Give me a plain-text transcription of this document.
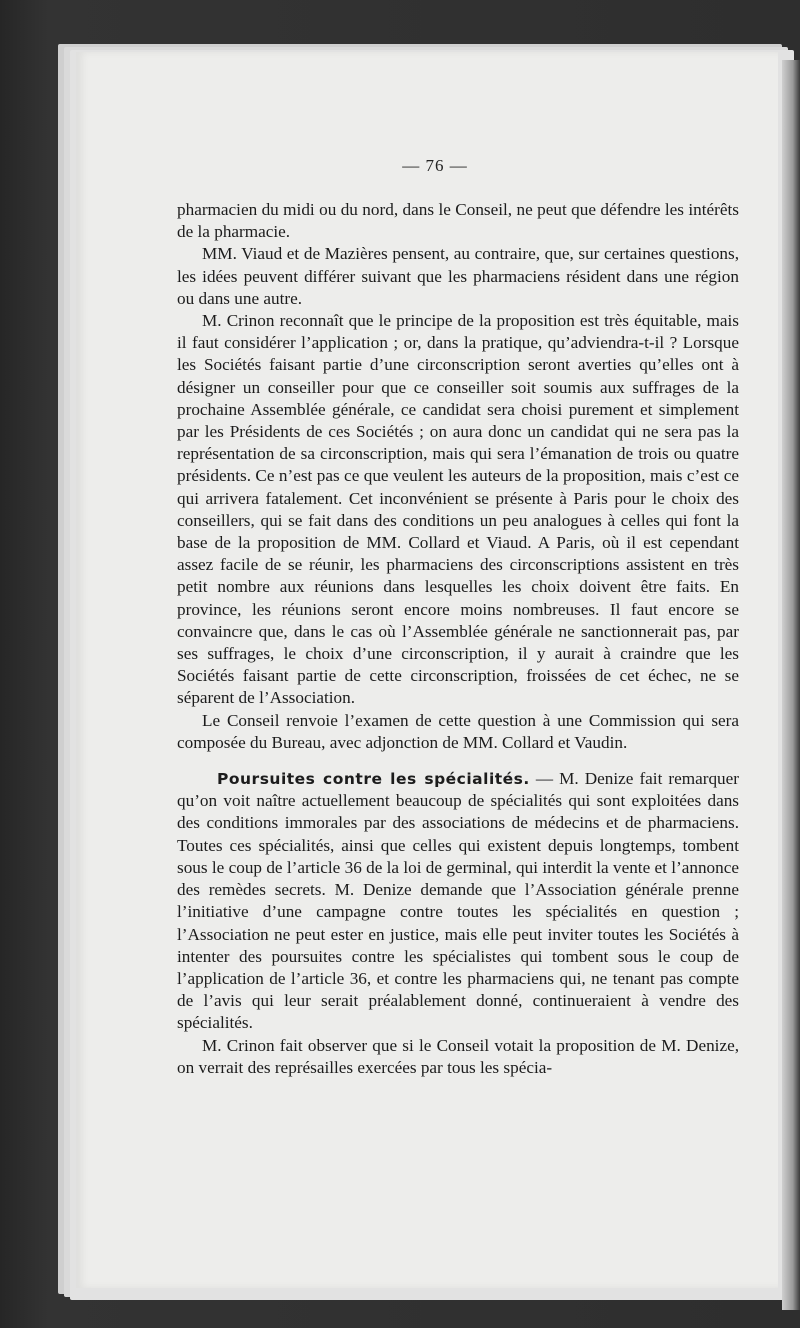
— 76 —

pharmacien du midi ou du nord, dans le Conseil, ne peut que défendre les intérêts de la pharmacie.

MM. Viaud et de Mazières pensent, au contraire, que, sur certaines questions, les idées peuvent différer suivant que les pharmaciens résident dans une région ou dans une autre.

M. Crinon reconnaît que le principe de la proposition est très équitable, mais il faut considérer l’application ; or, dans la pratique, qu’adviendra-t-il ? Lorsque les Sociétés faisant partie d’une circonscription seront averties qu’elles ont à désigner un conseiller pour que ce conseiller soit soumis aux suffrages de la prochaine Assemblée générale, ce candidat sera choisi purement et simplement par les Présidents de ces Sociétés ; on aura donc un candidat qui ne sera pas la représentation de sa circonscription, mais qui sera l’émanation de trois ou quatre présidents. Ce n’est pas ce que veulent les auteurs de la proposition, mais c’est ce qui arrivera fatalement. Cet inconvénient se présente à Paris pour le choix des conseillers, qui se fait dans des conditions un peu analogues à celles qui font la base de la proposition de MM. Collard et Viaud. A Paris, où il est cependant assez facile de se réunir, les pharmaciens des circonscriptions assistent en très petit nombre aux réunions dans lesquelles les choix doivent être faits. En province, les réunions seront encore moins nombreuses. Il faut encore se convaincre que, dans le cas où l’Assemblée générale ne sanctionnerait pas, par ses suffrages, le choix d’une circonscription, il y aurait à craindre que les Sociétés faisant partie de cette circonscription, froissées de cet échec, ne se séparent de l’Association.

Le Conseil renvoie l’examen de cette question à une Commission qui sera composée du Bureau, avec adjonction de MM. Collard et Vaudin.

Poursuites contre les spécialités. — M. Denize fait remarquer qu’on voit naître actuellement beaucoup de spécialités qui sont exploitées dans des conditions immorales par des associations de médecins et de pharmaciens. Toutes ces spécialités, ainsi que celles qui existent depuis longtemps, tombent sous le coup de l’article 36 de la loi de germinal, qui interdit la vente et l’annonce des remèdes secrets. M. Denize demande que l’Association générale prenne l’initiative d’une campagne contre toutes les spécialités en question ; l’Association ne peut ester en justice, mais elle peut inviter toutes les Sociétés à intenter des poursuites contre les spécialistes qui tombent sous le coup de l’application de l’article 36, et contre les pharmaciens qui, ne tenant pas compte de l’avis qui leur serait préalablement donné, continueraient à vendre des spécialités.

M. Crinon fait observer que si le Conseil votait la proposition de M. Denize, on verrait des représailles exercées par tous les spécia-
